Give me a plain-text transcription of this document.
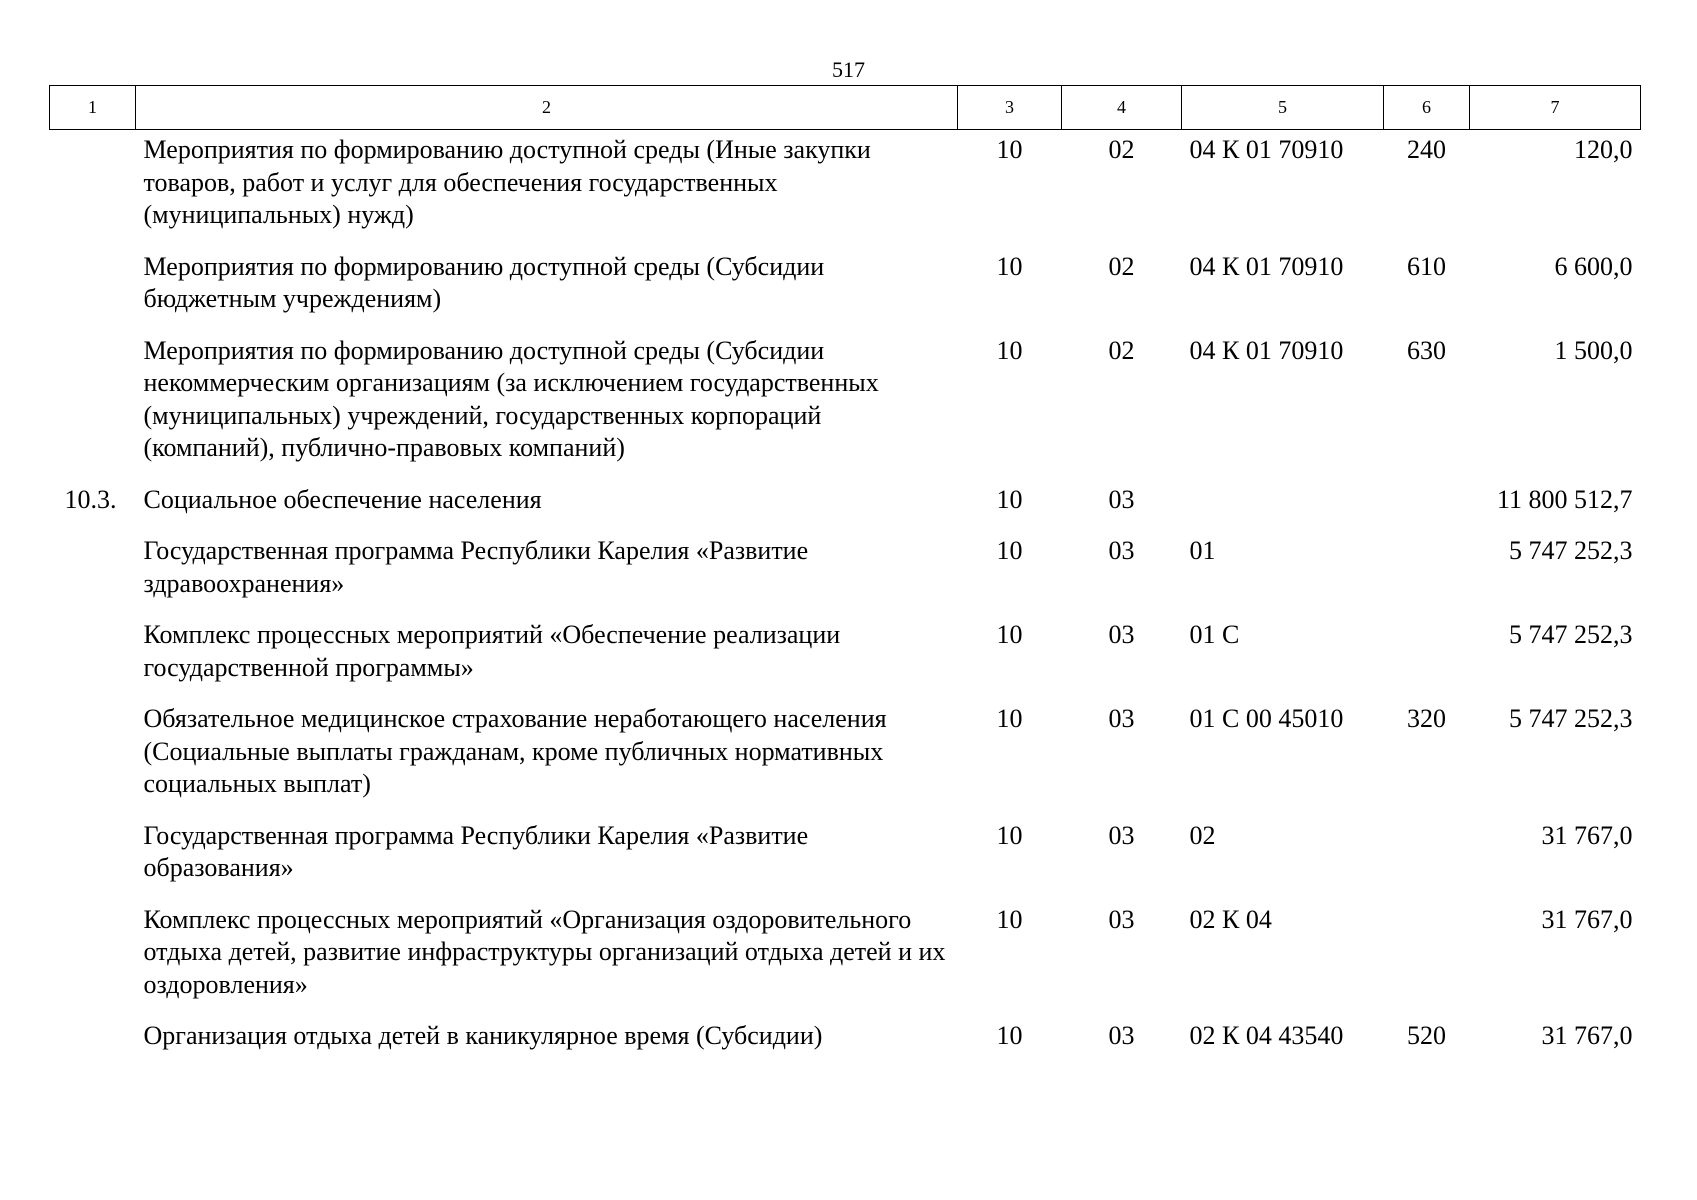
517
1	2	3	4	5	6	7
	Мероприятия по формированию доступной среды (Иные закупки товаров, работ и услуг для обеспечения государственных (муниципальных) нужд)	10	02	04 К 01 70910	240	120,0
	Мероприятия по формированию доступной среды (Субсидии бюджетным учреждениям)	10	02	04 К 01 70910	610	6 600,0
	Мероприятия по формированию доступной среды (Субсидии некоммерческим организациям (за исключением государственных (муниципальных) учреждений, государственных корпораций (компаний), публично-правовых компаний)	10	02	04 К 01 70910	630	1 500,0
10.3.	Социальное обеспечение населения	10	03			11 800 512,7
	Государственная программа Республики Карелия «Развитие здравоохранения»	10	03	01		5 747 252,3
	Комплекс процессных мероприятий «Обеспечение реализации государственной программы»	10	03	01 С		5 747 252,3
	Обязательное медицинское страхование неработающего населения (Социальные выплаты гражданам, кроме публичных нормативных социальных выплат)	10	03	01 С 00 45010	320	5 747 252,3
	Государственная программа Республики Карелия «Развитие образования»	10	03	02		31 767,0
	Комплекс процессных мероприятий «Организация оздоровительного отдыха детей, развитие инфраструктуры организаций отдыха детей и их оздоровления»	10	03	02 К 04		31 767,0
	Организация отдыха детей в каникулярное время (Субсидии)	10	03	02 К 04 43540	520	31 767,0
